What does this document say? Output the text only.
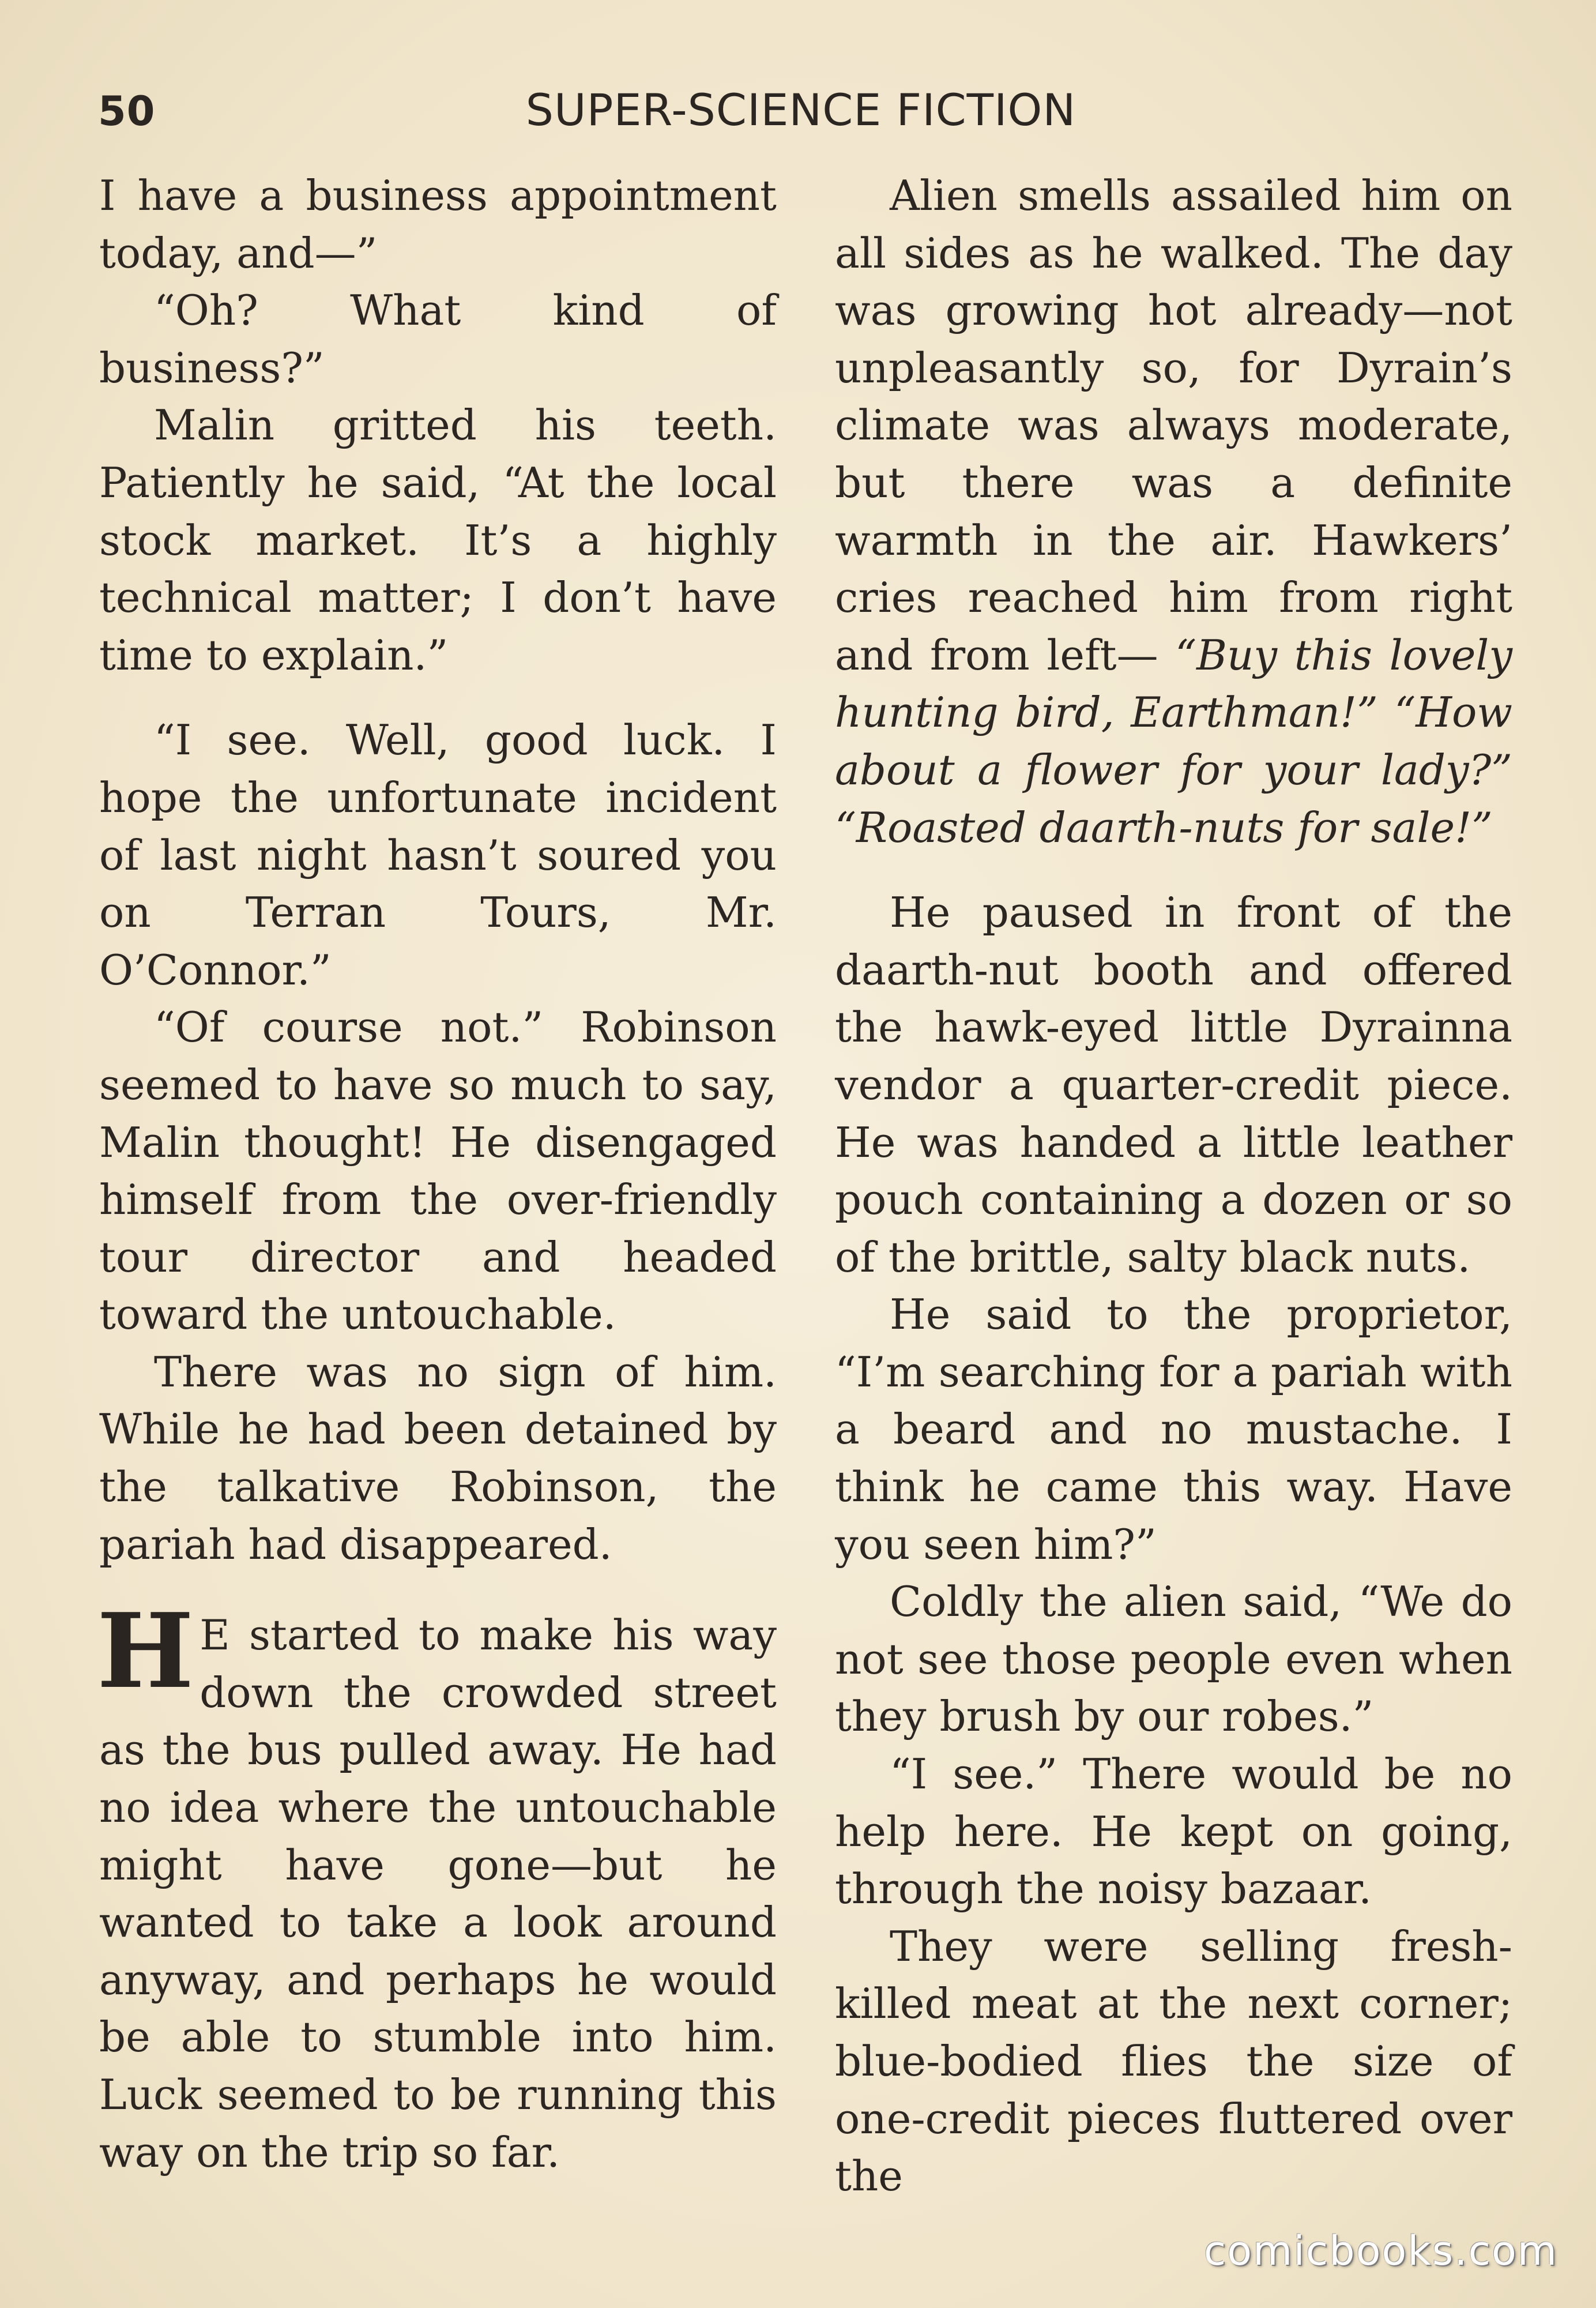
50	SUPER-SCIENCE FICTION

I have a business appointment today, and—”

“Oh? What kind of business?”

Malin gritted his teeth. Patiently he said, “At the local stock market. It’s a highly technical matter; I don’t have time to explain.”

“I see. Well, good luck. I hope the unfortunate incident of last night hasn’t soured you on Terran Tours, Mr. O’Connor.”

“Of course not.” Robinson seemed to have so much to say, Malin thought! He disengaged himself from the over-friendly tour director and headed toward the untouchable.

There was no sign of him. While he had been detained by the talkative Robinson, the pariah had disappeared.

H E started to make his way down the crowded street as the bus pulled away. He had no idea where the untouchable might have gone—but he wanted to take a look around anyway, and perhaps he would be able to stumble into him. Luck seemed to be running this way on the trip so far.

Alien smells assailed him on all sides as he walked. The day was growing hot already—not unpleasantly so, for Dyrain’s climate was always moderate, but there was a definite warmth in the air. Hawkers’ cries reached him from right and from left— “Buy this lovely hunting bird, Earthman!” “How about a flower for your lady?” “Roasted daarth-nuts for sale!”

He paused in front of the daarth-nut booth and offered the hawk-eyed little Dyrainna vendor a quarter-credit piece. He was handed a little leather pouch containing a dozen or so of the brittle, salty black nuts.

He said to the proprietor, “I’m searching for a pariah with a beard and no mustache. I think he came this way. Have you seen him?”

Coldly the alien said, “We do not see those people even when they brush by our robes.”

“I see.” There would be no help here. He kept on going, through the noisy bazaar.

They were selling fresh-killed meat at the next corner; blue-bodied flies the size of one-credit pieces fluttered over the

comicbooks.com
